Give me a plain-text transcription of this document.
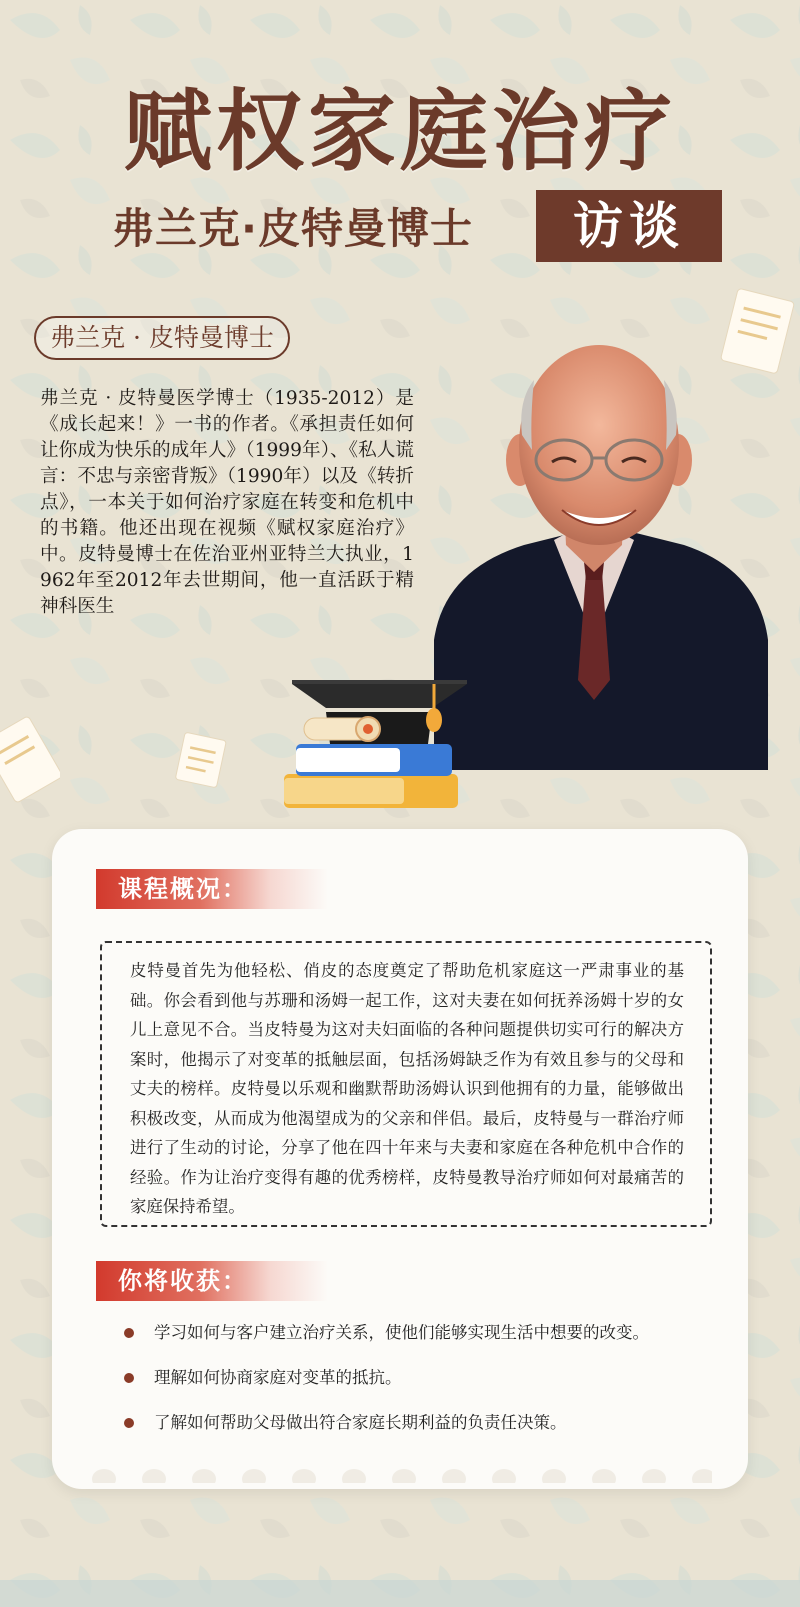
赋权家庭治疗
弗兰克·皮特曼博士	访谈
弗兰克 · 皮特曼博士
弗兰克 · 皮特曼医学博士（1935-2012）是《成长起来！》一书的作者。《承担责任如何让你成为快乐的成年人》（1999年）、《私人谎言：不忠与亲密背叛》（1990年）以及《转折点》，一本关于如何治疗家庭在转变和危机中的书籍。他还出现在视频《赋权家庭治疗》中。皮特曼博士在佐治亚州亚特兰大执业，1962年至2012年去世期间，他一直活跃于精神科医生
课程概况：
皮特曼首先为他轻松、俏皮的态度奠定了帮助危机家庭这一严肃事业的基础。你会看到他与苏珊和汤姆一起工作，这对夫妻在如何抚养汤姆十岁的女儿上意见不合。当皮特曼为这对夫妇面临的各种问题提供切实可行的解决方案时，他揭示了对变革的抵触层面，包括汤姆缺乏作为有效且参与的父母和丈夫的榜样。皮特曼以乐观和幽默帮助汤姆认识到他拥有的力量，能够做出积极改变，从而成为他渴望成为的父亲和伴侣。最后，皮特曼与一群治疗师进行了生动的讨论，分享了他在四十年来与夫妻和家庭在各种危机中合作的经验。作为让治疗变得有趣的优秀榜样，皮特曼教导治疗师如何对最痛苦的家庭保持希望。
你将收获：
学习如何与客户建立治疗关系，使他们能够实现生活中想要的改变。
理解如何协商家庭对变革的抵抗。
了解如何帮助父母做出符合家庭长期利益的负责任决策。
